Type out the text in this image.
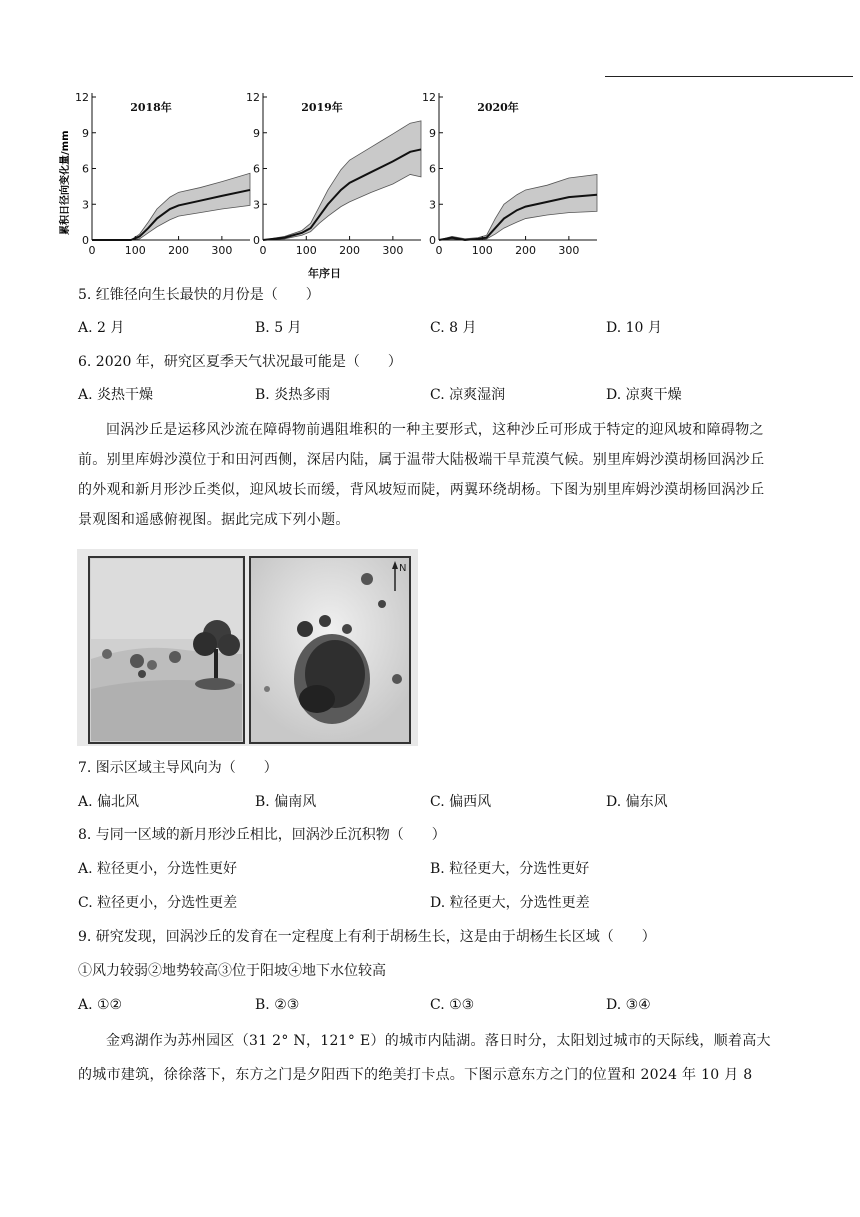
累积日径向变化量/mm
0
3
6
9
12
0	100 200 300
2018年
0
3
6
9
12
0	100 200 300
2019年
0
3
6
9
12
0	100 200 300
2020年
年序日
5. 红锥径向生长最快的月份是（　　）
A. 2 月	B. 5 月	C. 8 月	D. 10 月
6. 2020 年，研究区夏季天气状况最可能是（　　）
A. 炎热干燥	B. 炎热多雨	C. 凉爽湿润	D. 凉爽干燥
回涡沙丘是运移风沙流在障碍物前遇阻堆积的一种主要形式，这种沙丘可形成于特定的迎风坡和障碍物之前。别里库姆沙漠位于和田河西侧，深居内陆，属于温带大陆极端干旱荒漠气候。别里库姆沙漠胡杨回涡沙丘的外观和新月形沙丘类似，迎风坡长而缓，背风坡短而陡，两翼环绕胡杨。下图为别里库姆沙漠胡杨回涡沙丘景观图和遥感俯视图。据此完成下列小题。
N
7. 图示区域主导风向为（　　）
A. 偏北风	B. 偏南风	C. 偏西风	D. 偏东风
8. 与同一区域的新月形沙丘相比，回涡沙丘沉积物（　　）
A. 粒径更小，分选性更好	B. 粒径更大，分选性更好
C. 粒径更小，分选性更差	D. 粒径更大，分选性更差
9. 研究发现，回涡沙丘的发育在一定程度上有利于胡杨生长，这是由于胡杨生长区域（　　）
①风力较弱②地势较高③位于阳坡④地下水位较高
A. ①②	B. ②③	C. ①③	D. ③④
金鸡湖作为苏州园区（31 2° N，121° E）的城市内陆湖。落日时分，太阳划过城市的天际线，顺着高大的城市建筑，徐徐落下，东方之门是夕阳西下的绝美打卡点。下图示意东方之门的位置和 2024 年 10 月 8
